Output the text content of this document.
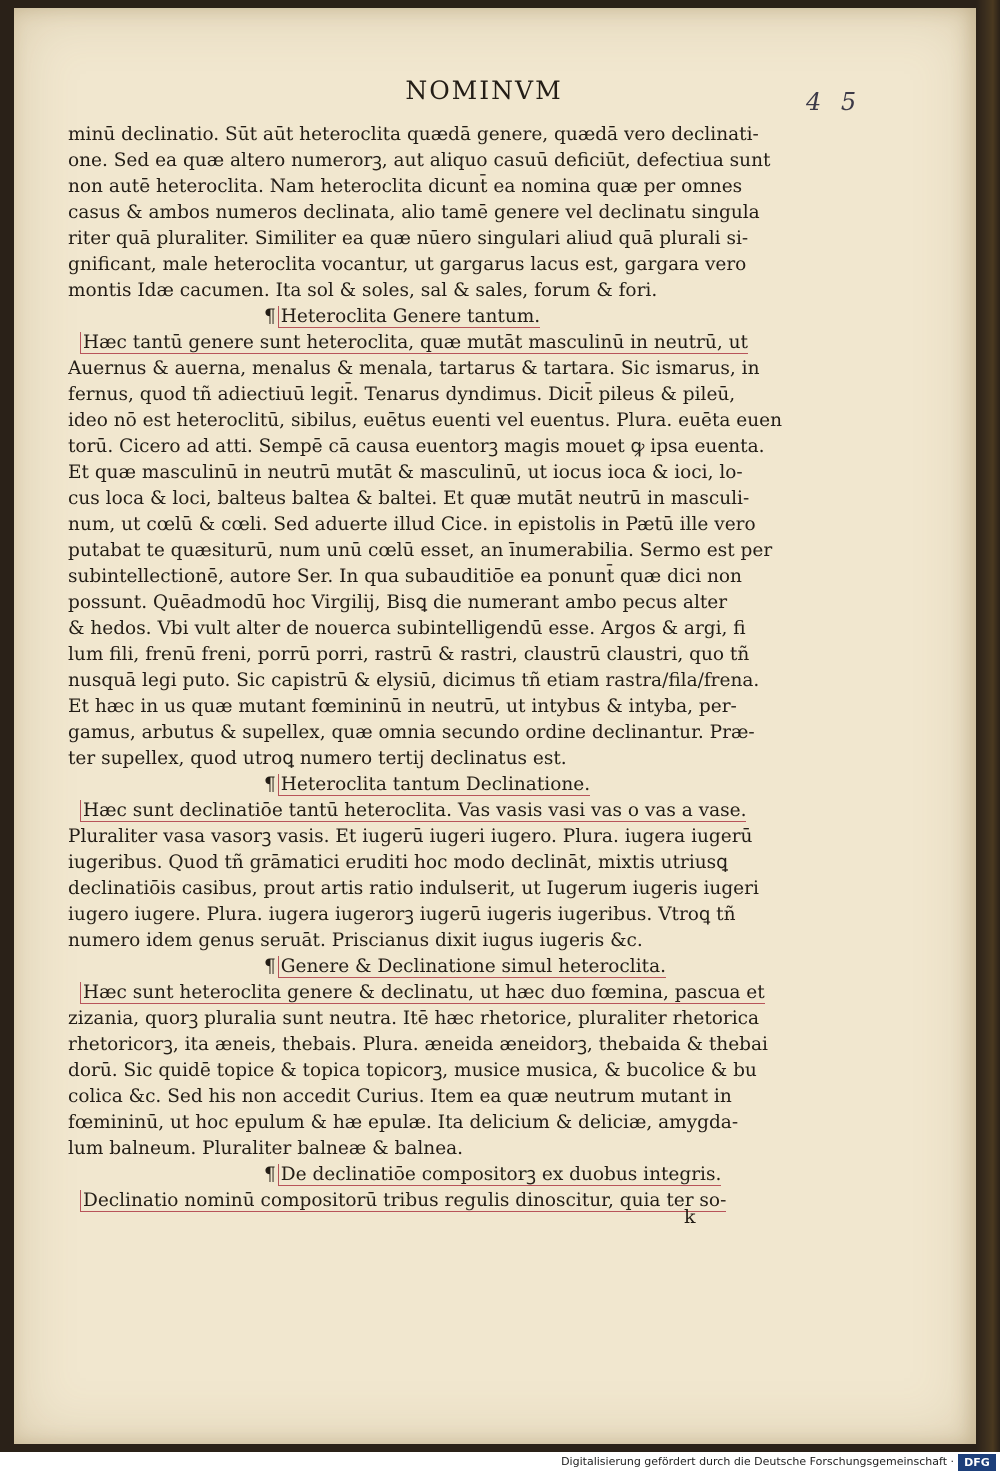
NOMINVM	4 5
minū declinatio. Sūt aūt heteroclita quædā genere, quædā vero declinati-
one. Sed ea quæ altero numerorꝫ, aut aliquo casuū deficiūt, defectiua sunt
non autē heteroclita. Nam heteroclita dicunt̄ ea nomina quæ per omnes
casus & ambos numeros declinata, alio tamē genere vel declinatu singula
riter quā pluraliter. Similiter ea quæ nūero singulari aliud quā plurali si-
gnificant, male heteroclita vocantur, ut gargarus lacus est, gargara vero
montis Idæ cacumen. Ita sol & soles, sal & sales, forum & fori.
¶ Heteroclita Genere tantum.
Hæc tantū genere sunt heteroclita, quæ mutāt masculinū in neutrū, ut
Auernus & auerna, menalus & menala, tartarus & tartara. Sic ismarus, in
fernus, quod tñ adiectiuū legit̄. Tenarus dyndimus. Dicit̄ pileus & pileū,
ideo nō est heteroclitū, sibilus, euētus euenti vel euentus. Plura. euēta euen
torū. Cicero ad atti. Sempē cā causa euentorꝫ magis mouet ꝙ ipsa euenta.
Et quæ masculinū in neutrū mutāt & masculinū, ut iocus ioca & ioci, lo-
cus loca & loci, balteus baltea & baltei. Et quæ mutāt neutrū in masculi-
num, ut cœlū & cœli. Sed aduerte illud Cice. in epistolis in Pætū ille vero
putabat te quæsiturū, num unū cœlū esset, an īnumerabilia. Sermo est per
subintellectionē, autore Ser. In qua subauditiōe ea ponunt̄ quæ dici non
possunt. Quēadmodū hoc Virgilij, Bisꝗ die numerant ambo pecus alter
& hedos. Vbi vult alter de nouerca subintelligendū esse. Argos & argi, fi
lum fili, frenū freni, porrū porri, rastrū & rastri, claustrū claustri, quo tñ
nusquā legi puto. Sic capistrū & elysiū, dicimus tñ etiam rastra/fila/frena.
Et hæc in us quæ mutant fœmininū in neutrū, ut intybus & intyba, per-
gamus, arbutus & supellex, quæ omnia secundo ordine declinantur. Præ-
ter supellex, quod utroꝗ numero tertij declinatus est.
¶ Heteroclita tantum Declinatione.
Hæc sunt declinatiōe tantū heteroclita. Vas vasis vasi vas o vas a vase.
Pluraliter vasa vasorꝫ vasis. Et iugerū iugeri iugero. Plura. iugera iugerū
iugeribus. Quod tñ grāmatici eruditi hoc modo declināt, mixtis utriusꝗ
declinatiōis casibus, prout artis ratio indulserit, ut Iugerum iugeris iugeri
iugero iugere. Plura. iugera iugerorꝫ iugerū iugeris iugeribus. Vtroꝗ tñ
numero idem genus seruāt. Priscianus dixit iugus iugeris &c.
¶ Genere & Declinatione simul heteroclita.
Hæc sunt heteroclita genere & declinatu, ut hæc duo fœmina, pascua et
zizania, quorꝫ pluralia sunt neutra. Itē hæc rhetorice, pluraliter rhetorica
rhetoricorꝫ, ita æneis, thebais. Plura. æneida æneidorꝫ, thebaida & thebai
dorū. Sic quidē topice & topica topicorꝫ, musice musica, & bucolice & bu
colica &c. Sed his non accedit Curius. Item ea quæ neutrum mutant in
fœmininū, ut hoc epulum & hæ epulæ. Ita delicium & deliciæ, amygda-
lum balneum. Pluraliter balneæ & balnea.
¶ De declinatiōe compositorꝫ ex duobus integris.
Declinatio nominū compositorū tribus regulis dinoscitur, quia ter so-
k
Digitalisierung gefördert durch die Deutsche Forschungsgemeinschaft · DFG
